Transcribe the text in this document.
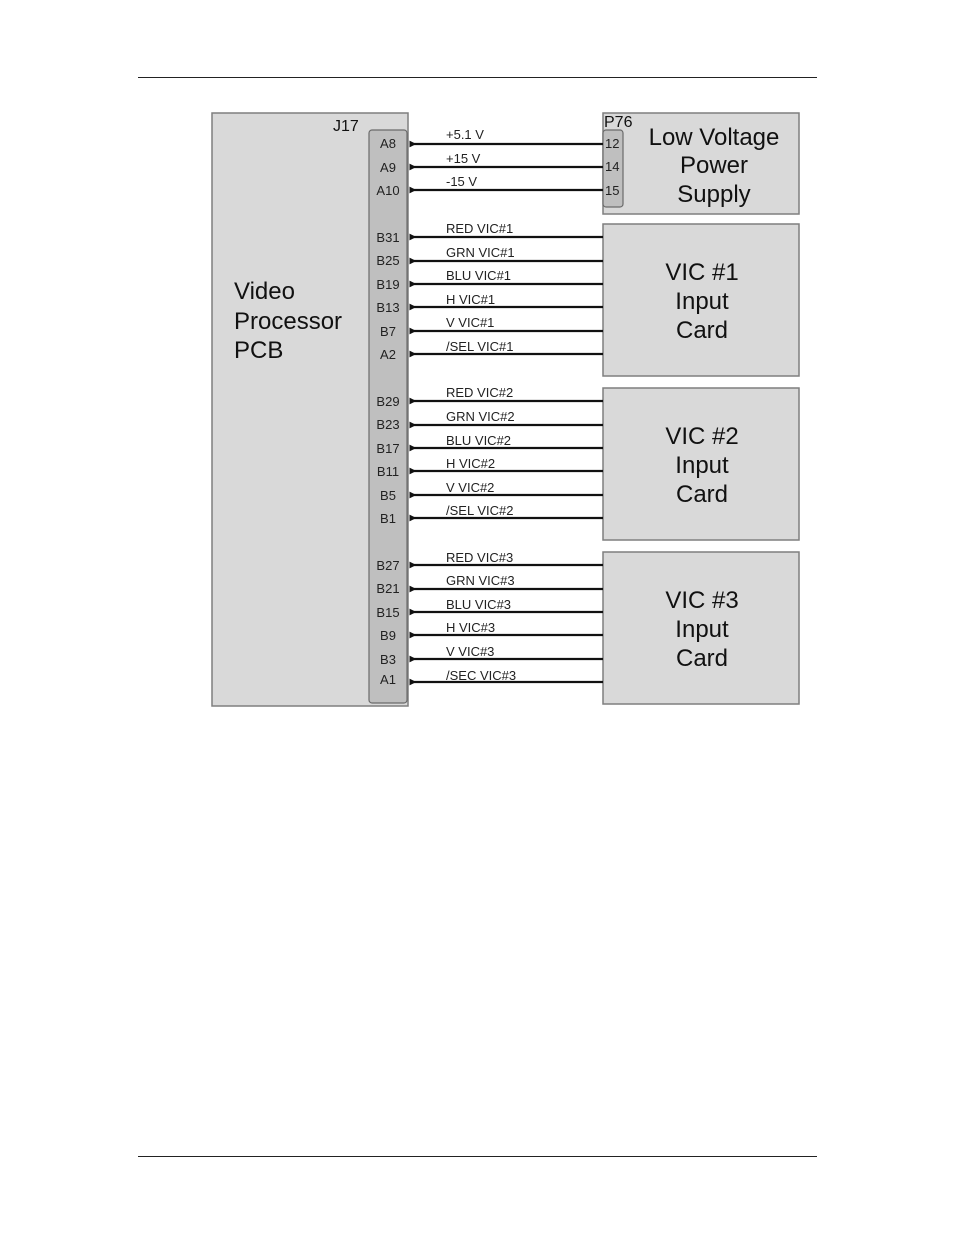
J17
Video
Processor
PCB
P76
Low Voltage
Power
Supply
A8
+5.1 V
12
A9
+15 V
14
A10
-15 V
15
VIC #1
Input
Card
B31
RED VIC#1
B25
GRN VIC#1
B19
BLU VIC#1
B13
H VIC#1
B7
V VIC#1
A2
/SEL VIC#1
VIC #2
Input
Card
B29
RED VIC#2
B23
GRN VIC#2
B17
BLU VIC#2
B11
H VIC#2
B5
V VIC#2
B1
/SEL VIC#2
VIC #3
Input
Card
B27
RED VIC#3
B21
GRN VIC#3
B15
BLU VIC#3
B9
H VIC#3
B3
V VIC#3
A1	/SEC VIC#3
